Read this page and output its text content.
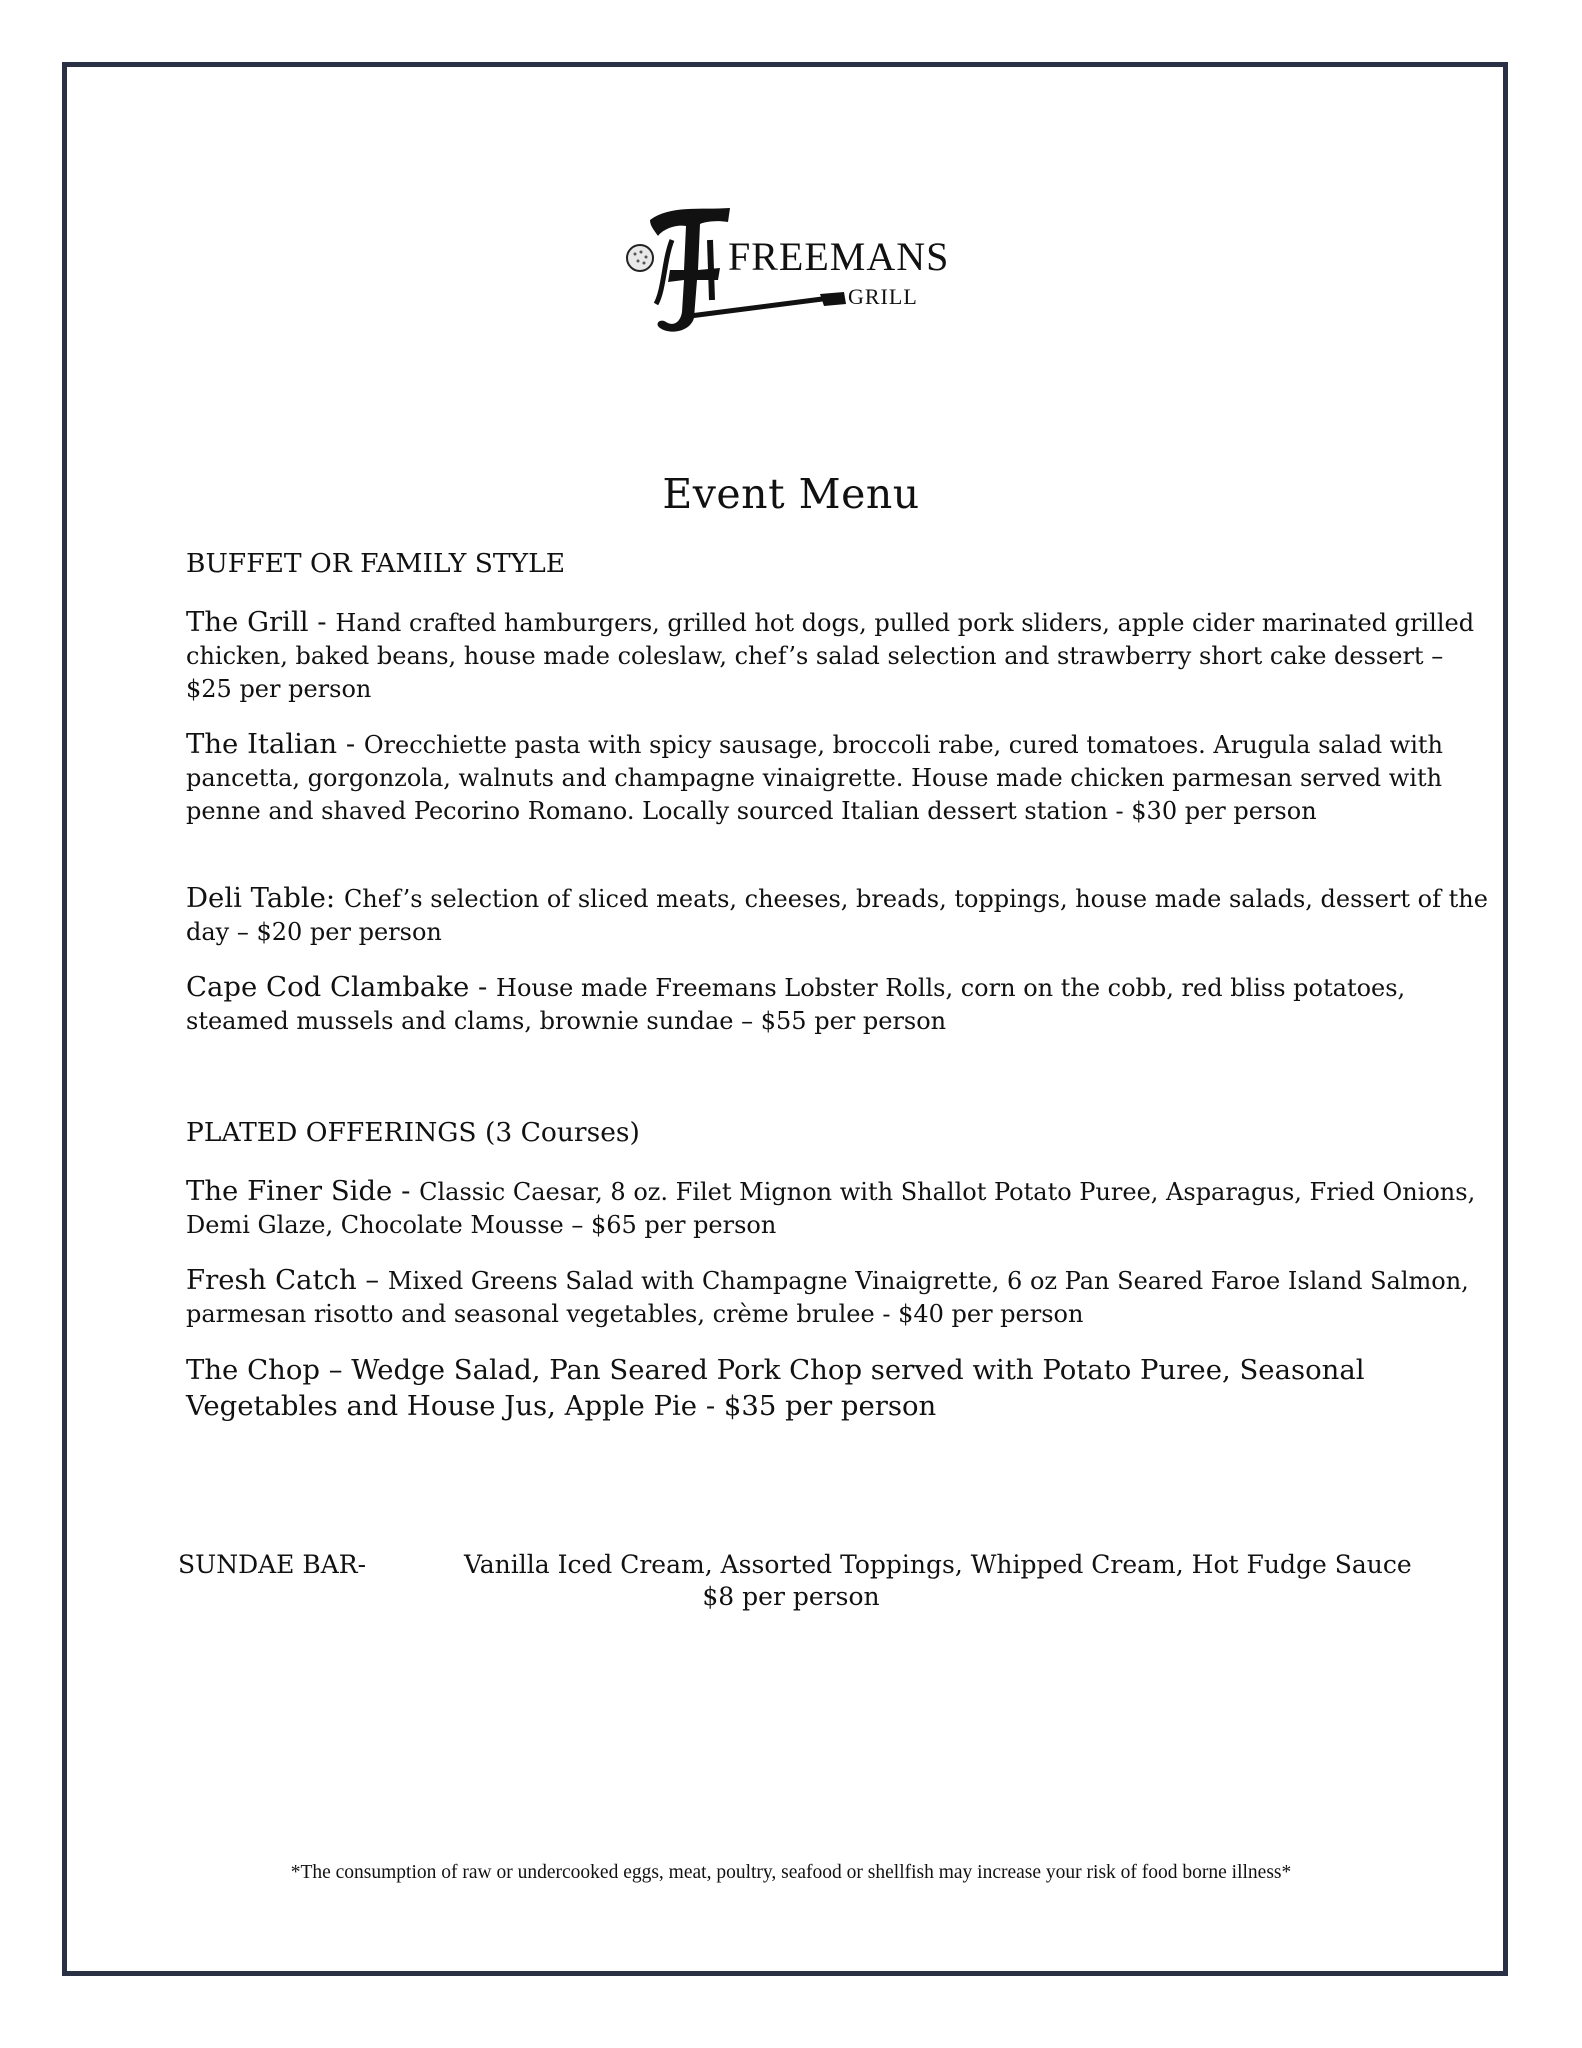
FREEMANS
GRILL
Event Menu
BUFFET OR FAMILY STYLE
The Grill - Hand crafted hamburgers, grilled hot dogs, pulled pork sliders, apple cider marinated grilled chicken, baked beans, house made coleslaw, chef’s salad selection and strawberry short cake dessert – $25 per person
The Italian - Orecchiette pasta with spicy sausage, broccoli rabe, cured tomatoes. Arugula salad with pancetta, gorgonzola, walnuts and champagne vinaigrette. House made chicken parmesan served with penne and shaved Pecorino Romano. Locally sourced Italian dessert station - $30 per person
Deli Table: Chef’s selection of sliced meats, cheeses, breads, toppings, house made salads, dessert of the day – $20 per person
Cape Cod Clambake - House made Freemans Lobster Rolls, corn on the cobb, red bliss potatoes, steamed mussels and clams, brownie sundae – $55 per person
PLATED OFFERINGS (3 Courses)
The Finer Side - Classic Caesar, 8 oz. Filet Mignon with Shallot Potato Puree, Asparagus, Fried Onions, Demi Glaze, Chocolate Mousse – $65 per person
Fresh Catch – Mixed Greens Salad with Champagne Vinaigrette, 6 oz Pan Seared Faroe Island Salmon, parmesan risotto and seasonal vegetables, crème brulee - $40 per person
The Chop – Wedge Salad, Pan Seared Pork Chop served with Potato Puree, Seasonal Vegetables and House Jus, Apple Pie - $35 per person
SUNDAE BAR-	Vanilla Iced Cream, Assorted Toppings, Whipped Cream, Hot Fudge Sauce
$8 per person
*The consumption of raw or undercooked eggs, meat, poultry, seafood or shellfish may increase your risk of food borne illness*
